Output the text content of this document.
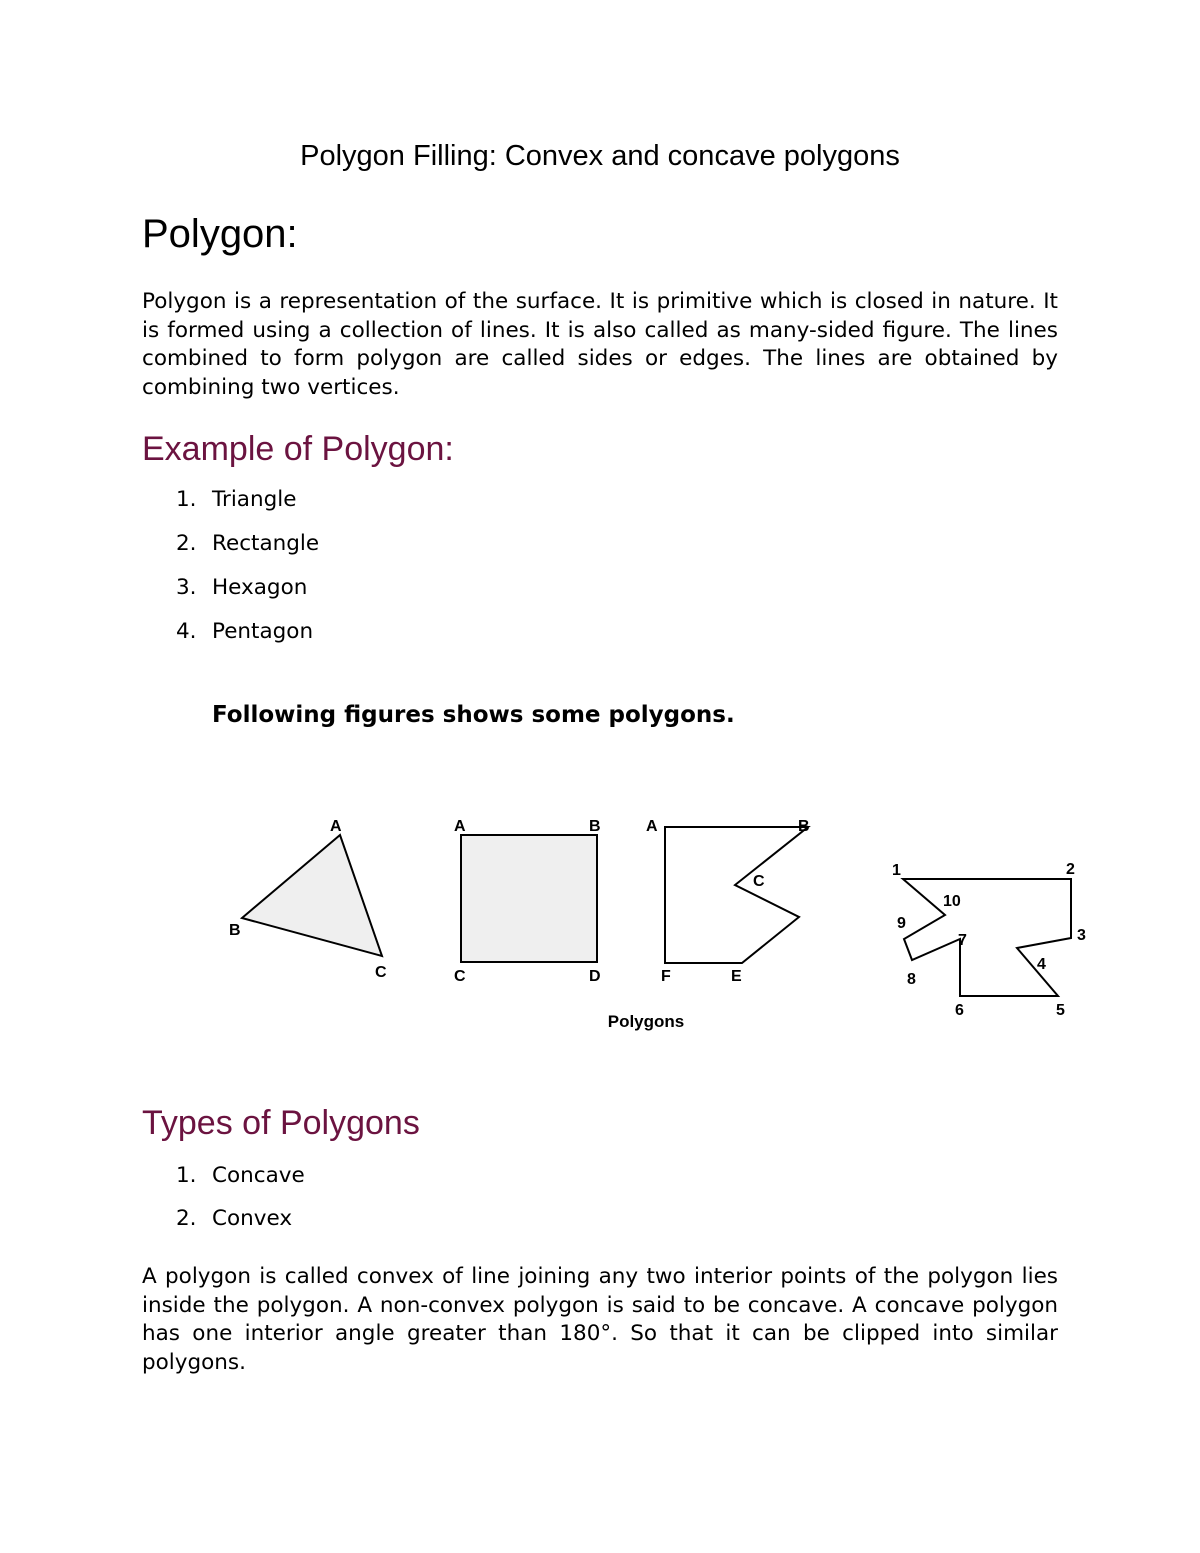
Polygon Filling: Convex and concave polygons
Polygon:
Polygon is a representation of the surface. It is primitive which is closed in nature. It is formed using a collection of lines. It is also called as many-sided figure. The lines combined to form polygon are called sides or edges. The lines are obtained by combining two vertices.
Example of Polygon:
1. Triangle
2. Rectangle
3. Hexagon
4. Pentagon
Following figures shows some polygons.
A
B
C
A	B
C	D
A	B
C
E
F
1	2
3
4
5
6
7
8
9
10
Polygons
Types of Polygons
1. Concave
2. Convex
A polygon is called convex of line joining any two interior points of the polygon lies inside the polygon. A non-convex polygon is said to be concave. A concave polygon has one interior angle greater than 180°. So that it can be clipped into similar polygons.
